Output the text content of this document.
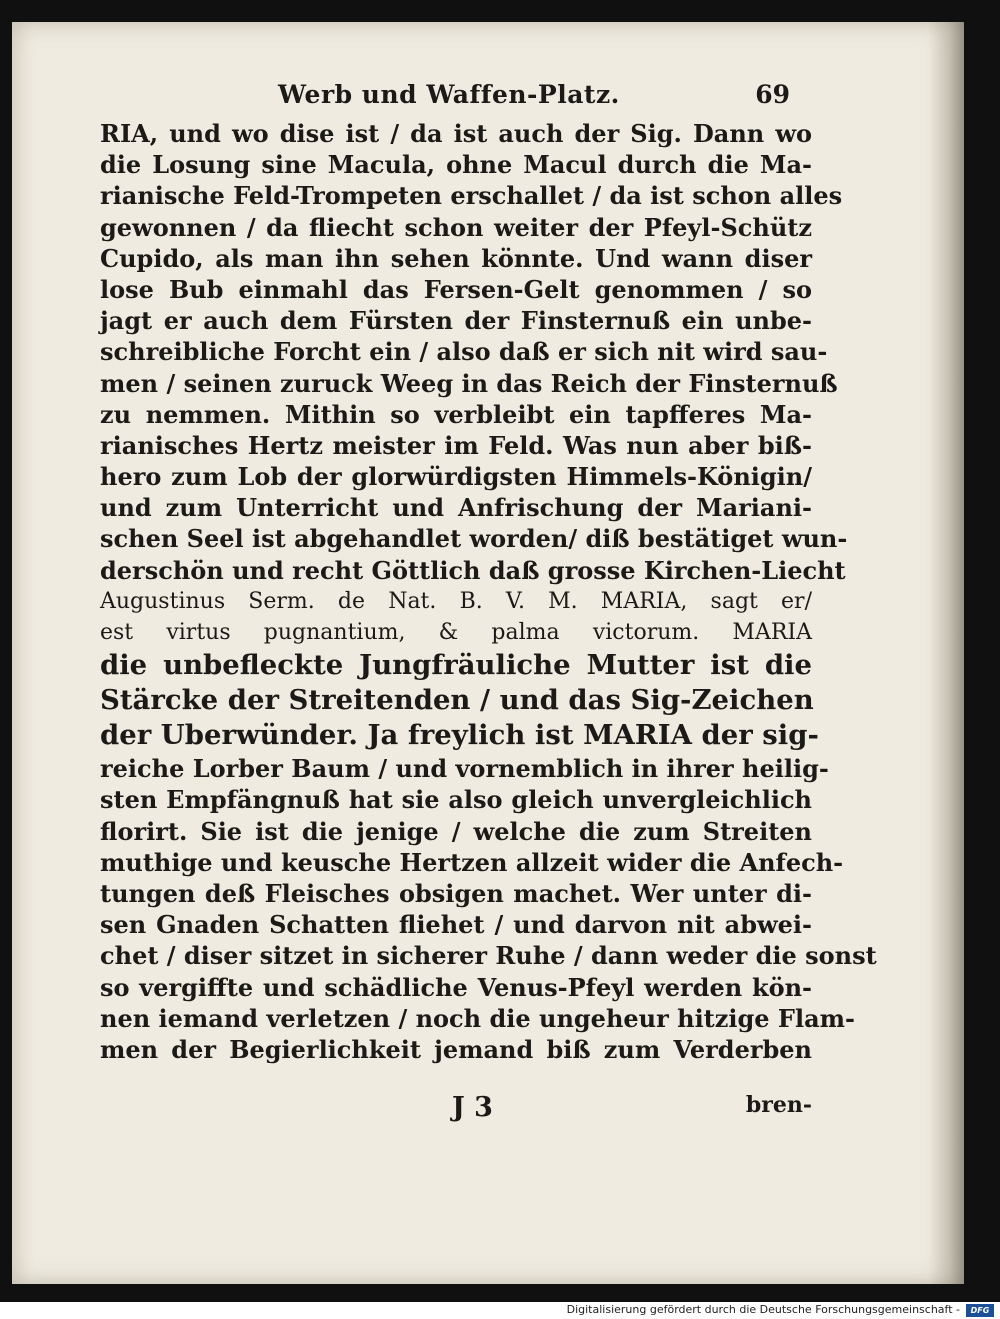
Werb und Waffen-Platz.	69
RIA, und wo dise ist / da ist auch der Sig. Dann wo
die Losung sine Macula, ohne Macul durch die Ma-
rianische Feld-Trompeten erschallet / da ist schon alles
gewonnen / da fliecht schon weiter der Pfeyl-Schütz
Cupido, als man ihn sehen könnte. Und wann diser
lose Bub einmahl das Fersen-Gelt genommen / so
jagt er auch dem Fürsten der Finsternuß ein unbe-
schreibliche Forcht ein / also daß er sich nit wird sau-
men / seinen zuruck Weeg in das Reich der Finsternuß
zu nemmen. Mithin so verbleibt ein tapfferes Ma-
rianisches Hertz meister im Feld. Was nun aber biß-
hero zum Lob der glorwürdigsten Himmels-Königin/
und zum Unterricht und Anfrischung der Mariani-
schen Seel ist abgehandlet worden/ diß bestätiget wun-
derschön und recht Göttlich daß grosse Kirchen-Liecht
Augustinus Serm. de Nat. B. V. M. MARIA, sagt er/
est virtus pugnantium, & palma victorum. MARIA
die unbefleckte Jungfräuliche Mutter ist die
Stärcke der Streitenden / und das Sig-Zeichen
der Uberwünder. Ja freylich ist MARIA der sig-
reiche Lorber Baum / und vornemblich in ihrer heilig-
sten Empfängnuß hat sie also gleich unvergleichlich
florirt. Sie ist die jenige / welche die zum Streiten
muthige und keusche Hertzen allzeit wider die Anfech-
tungen deß Fleisches obsigen machet. Wer unter di-
sen Gnaden Schatten fliehet / und darvon nit abwei-
chet / diser sitzet in sicherer Ruhe / dann weder die sonst
so vergiffte und schädliche Venus-Pfeyl werden kön-
nen iemand verletzen / noch die ungeheur hitzige Flam-
men der Begierlichkeit jemand biß zum Verderben
J 3	bren-
Digitalisierung gefördert durch die Deutsche Forschungsgemeinschaft -	DFG
